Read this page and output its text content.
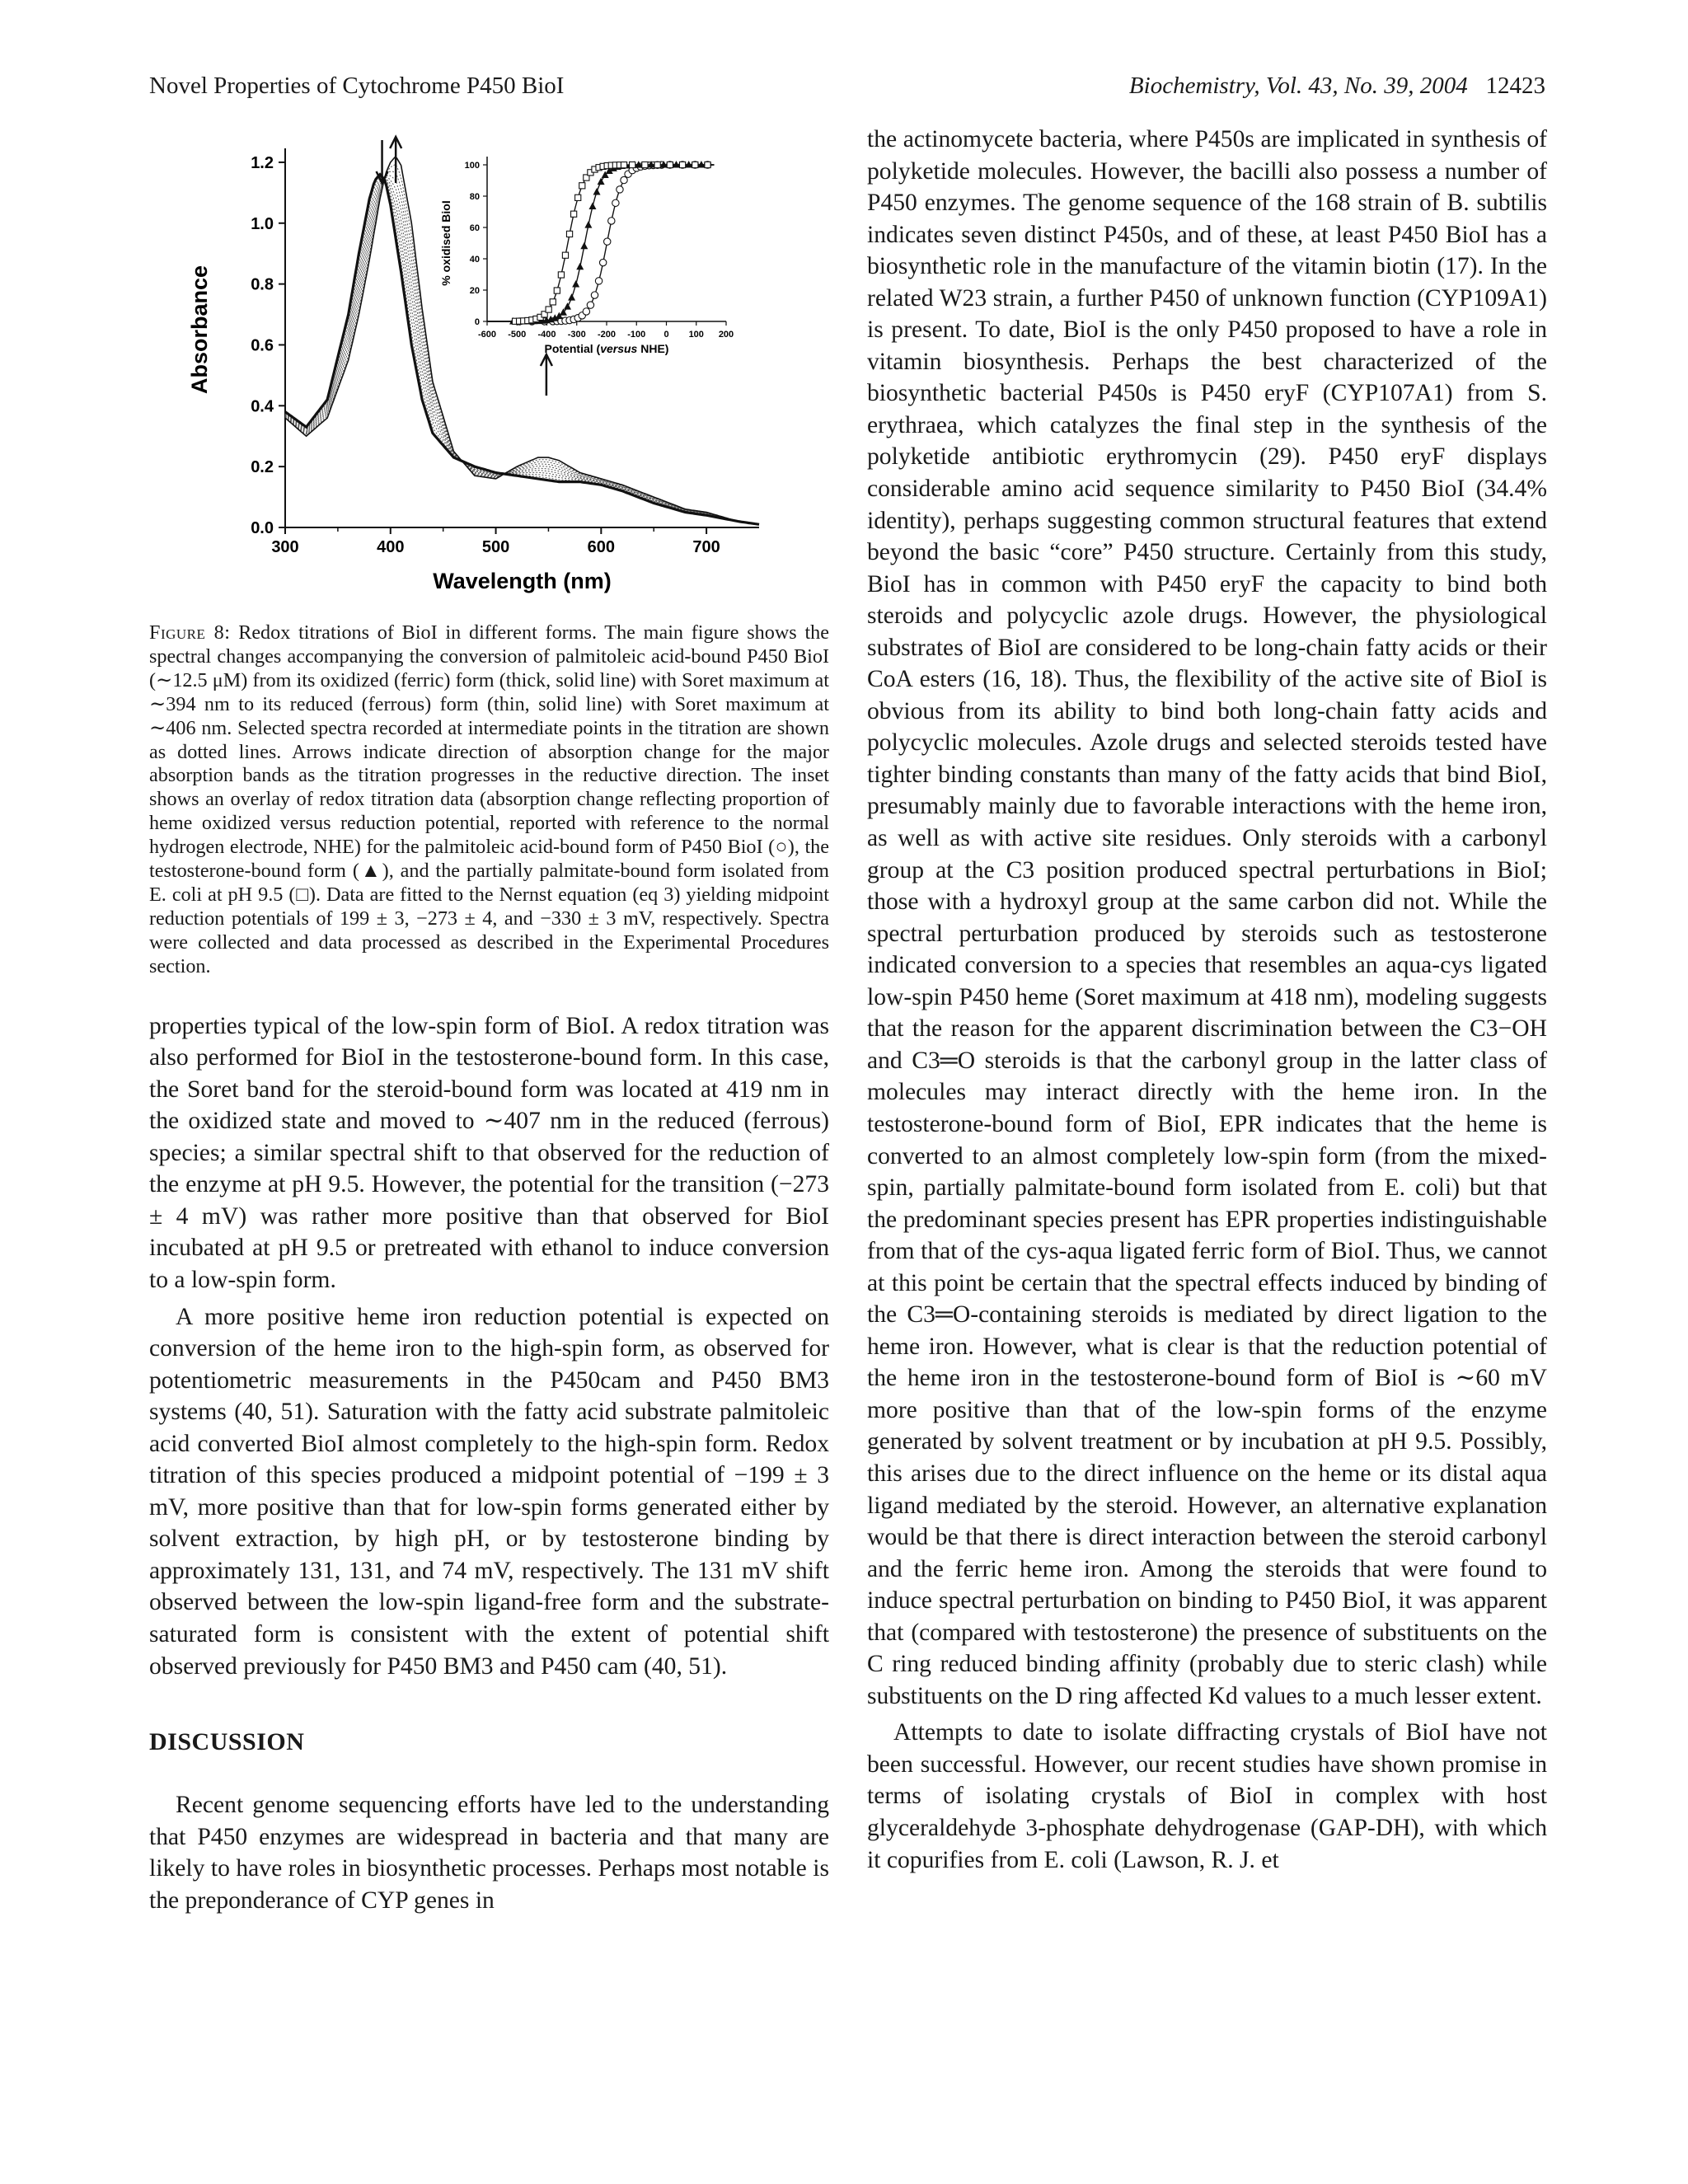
Novel Properties of Cytochrome P450 BioI	Biochemistry, Vol. 43, No. 39, 2004 12423
300	400	500	600	700
0.0
0.2
0.4
0.6
0.8
1.0
1.2
Wavelength (nm)
Absorbance	-600 -500 -400 -300 -200 -100 0 100 200
0
20
40
60
80
100
Potential (versus NHE)
% oxidised BioI
Figure 8: Redox titrations of BioI in different forms. The main figure shows the spectral changes accompanying the conversion of palmitoleic acid-bound P450 BioI (∼12.5 μM) from its oxidized (ferric) form (thick, solid line) with Soret maximum at ∼394 nm to its reduced (ferrous) form (thin, solid line) with Soret maximum at ∼406 nm. Selected spectra recorded at intermediate points in the titration are shown as dotted lines. Arrows indicate direction of absorption change for the major absorption bands as the titration progresses in the reductive direction. The inset shows an overlay of redox titration data (absorption change reflecting proportion of heme oxidized versus reduction potential, reported with reference to the normal hydrogen electrode, NHE) for the palmitoleic acid-bound form of P450 BioI (○), the testosterone-bound form (▲), and the partially palmitate-bound form isolated from E. coli at pH 9.5 (□). Data are fitted to the Nernst equation (eq 3) yielding midpoint reduction potentials of 199 ± 3, −273 ± 4, and −330 ± 3 mV, respectively. Spectra were collected and data processed as described in the Experimental Procedures section.

properties typical of the low-spin form of BioI. A redox titration was also performed for BioI in the testosterone-bound form. In this case, the Soret band for the steroid-bound form was located at 419 nm in the oxidized state and moved to ∼407 nm in the reduced (ferrous) species; a similar spectral shift to that observed for the reduction of the enzyme at pH 9.5. However, the potential for the transition (−273 ± 4 mV) was rather more positive than that observed for BioI incubated at pH 9.5 or pretreated with ethanol to induce conversion to a low-spin form.

A more positive heme iron reduction potential is expected on conversion of the heme iron to the high-spin form, as observed for potentiometric measurements in the P450cam and P450 BM3 systems (40, 51). Saturation with the fatty acid substrate palmitoleic acid converted BioI almost completely to the high-spin form. Redox titration of this species produced a midpoint potential of −199 ± 3 mV, more positive than that for low-spin forms generated either by solvent extraction, by high pH, or by testosterone binding by approximately 131, 131, and 74 mV, respectively. The 131 mV shift observed between the low-spin ligand-free form and the substrate-saturated form is consistent with the extent of potential shift observed previously for P450 BM3 and P450 cam (40, 51).

DISCUSSION

Recent genome sequencing efforts have led to the understanding that P450 enzymes are widespread in bacteria and that many are likely to have roles in biosynthetic processes. Perhaps most notable is the preponderance of CYP genes in

the actinomycete bacteria, where P450s are implicated in synthesis of polyketide molecules. However, the bacilli also possess a number of P450 enzymes. The genome sequence of the 168 strain of B. subtilis indicates seven distinct P450s, and of these, at least P450 BioI has a biosynthetic role in the manufacture of the vitamin biotin (17). In the related W23 strain, a further P450 of unknown function (CYP109A1) is present. To date, BioI is the only P450 proposed to have a role in vitamin biosynthesis. Perhaps the best characterized of the biosynthetic bacterial P450s is P450 eryF (CYP107A1) from S. erythraea, which catalyzes the final step in the synthesis of the polyketide antibiotic erythromycin (29). P450 eryF displays considerable amino acid sequence similarity to P450 BioI (34.4% identity), perhaps suggesting common structural features that extend beyond the basic “core” P450 structure. Certainly from this study, BioI has in common with P450 eryF the capacity to bind both steroids and polycyclic azole drugs. However, the physiological substrates of BioI are considered to be long-chain fatty acids or their CoA esters (16, 18). Thus, the flexibility of the active site of BioI is obvious from its ability to bind both long-chain fatty acids and polycyclic molecules. Azole drugs and selected steroids tested have tighter binding constants than many of the fatty acids that bind BioI, presumably mainly due to favorable interactions with the heme iron, as well as with active site residues. Only steroids with a carbonyl group at the C3 position produced spectral perturbations in BioI; those with a hydroxyl group at the same carbon did not. While the spectral perturbation produced by steroids such as testosterone indicated conversion to a species that resembles an aqua-cys ligated low-spin P450 heme (Soret maximum at 418 nm), modeling suggests that the reason for the apparent discrimination between the C3−OH and C3═O steroids is that the carbonyl group in the latter class of molecules may interact directly with the heme iron. In the testosterone-bound form of BioI, EPR indicates that the heme is converted to an almost completely low-spin form (from the mixed-spin, partially palmitate-bound form isolated from E. coli) but that the predominant species present has EPR properties indistinguishable from that of the cys-aqua ligated ferric form of BioI. Thus, we cannot at this point be certain that the spectral effects induced by binding of the C3═O-containing steroids is mediated by direct ligation to the heme iron. However, what is clear is that the reduction potential of the heme iron in the testosterone-bound form of BioI is ∼60 mV more positive than that of the low-spin forms of the enzyme generated by solvent treatment or by incubation at pH 9.5. Possibly, this arises due to the direct influence on the heme or its distal aqua ligand mediated by the steroid. However, an alternative explanation would be that there is direct interaction between the steroid carbonyl and the ferric heme iron. Among the steroids that were found to induce spectral perturbation on binding to P450 BioI, it was apparent that (compared with testosterone) the presence of substituents on the C ring reduced binding affinity (probably due to steric clash) while substituents on the D ring affected Kd values to a much lesser extent.

Attempts to date to isolate diffracting crystals of BioI have not been successful. However, our recent studies have shown promise in terms of isolating crystals of BioI in complex with host glyceraldehyde 3-phosphate dehydrogenase (GAP-DH), with which it copurifies from E. coli (Lawson, R. J. et
